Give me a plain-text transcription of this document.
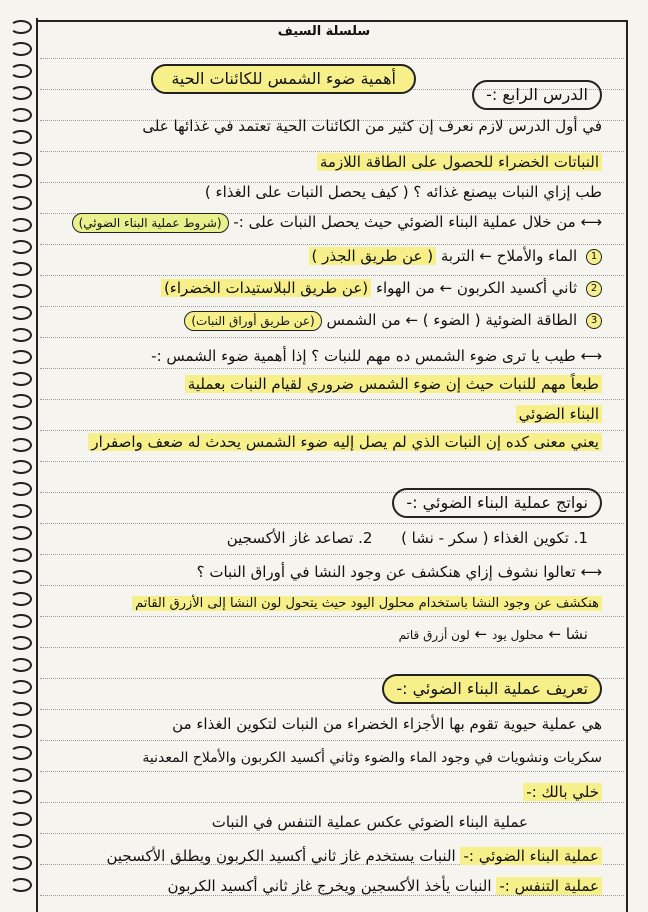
سلسلة السيف
الدرس الرابع :-
أهمية ضوء الشمس للكائنات الحية
في أول الدرس لازم نعرف إن كثير من الكائنات الحية تعتمد في غذائها على
النباتات الخضراء للحصول على الطاقة اللازمة
طب إزاي النبات بيصنع غذائه ؟ ( كيف يحصل النبات على الغذاء )
⟷ من خلال عملية البناء الضوئي حيث يحصل النبات على :- (شروط عملية البناء الضوئي)
1 الماء والأملاح ← التربة ( عن طريق الجذر )
2 ثاني أكسيد الكربون ← من الهواء (عن طريق البلاستيدات الخضراء)
3 الطاقة الضوئية ( الضوء ) ← من الشمس (عن طريق أوراق النبات)
⟷ طيب يا ترى ضوء الشمس ده مهم للنبات ؟ إذا أهمية ضوء الشمس :-
طبعاً مهم للنبات حيث إن ضوء الشمس ضروري لقيام النبات بعملية
البناء الضوئي
يعني معنى كده إن النبات الذي لم يصل إليه ضوء الشمس يحدث له ضعف واصفرار
نواتج عملية البناء الضوئي :-
1. تكوين الغذاء ( سكر - نشا )      2. تصاعد غاز الأكسجين
⟷ تعالوا نشوف إزاي هنكشف عن وجود النشا في أوراق النبات ؟
هنكشف عن وجود النشا باستخدام محلول اليود حيث يتحول لون النشا إلى الأزرق القاتم
نشا ← محلول يود ← لون أزرق قاتم
تعريف عملية البناء الضوئي :-
هي عملية حيوية تقوم بها الأجزاء الخضراء من النبات لتكوين الغذاء من
سكريات ونشويات في وجود الماء والضوء وثاني أكسيد الكربون والأملاح المعدنية
خلي بالك :-
عملية البناء الضوئي عكس عملية التنفس في النبات
عملية البناء الضوئي :- النبات يستخدم غاز ثاني أكسيد الكربون ويطلق الأكسجين
عملية التنفس :- النبات يأخذ الأكسجين ويخرج غاز ثاني أكسيد الكربون
